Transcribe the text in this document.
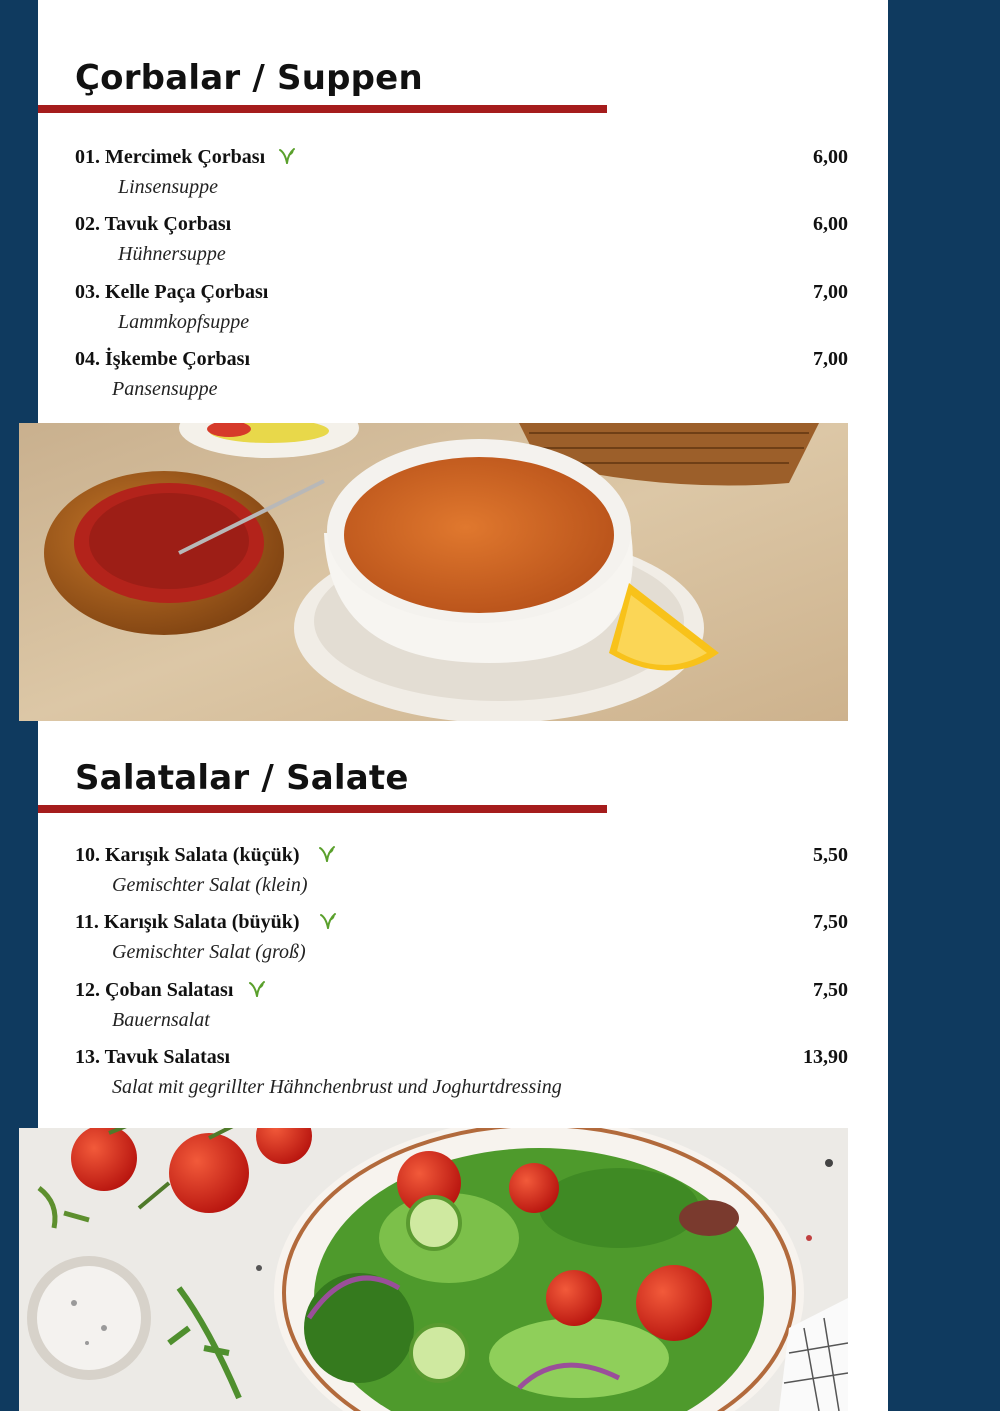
Çorbalar / Suppen
01. Mercimek Çorbası	6,00
Linsensuppe
02. Tavuk Çorbası	6,00
Hühnersuppe
03. Kelle Paça Çorbası	7,00
Lammkopfsuppe
04. İşkembe Çorbası	7,00
Pansensuppe
Salatalar / Salate
10. Karışık Salata (küçük)	5,50
Gemischter Salat (klein)
11. Karışık Salata (büyük)	7,50
Gemischter Salat (groß)
12. Çoban Salatası	7,50
Bauernsalat
13. Tavuk Salatası	13,90
Salat mit gegrillter Hähnchenbrust und Joghurtdressing
